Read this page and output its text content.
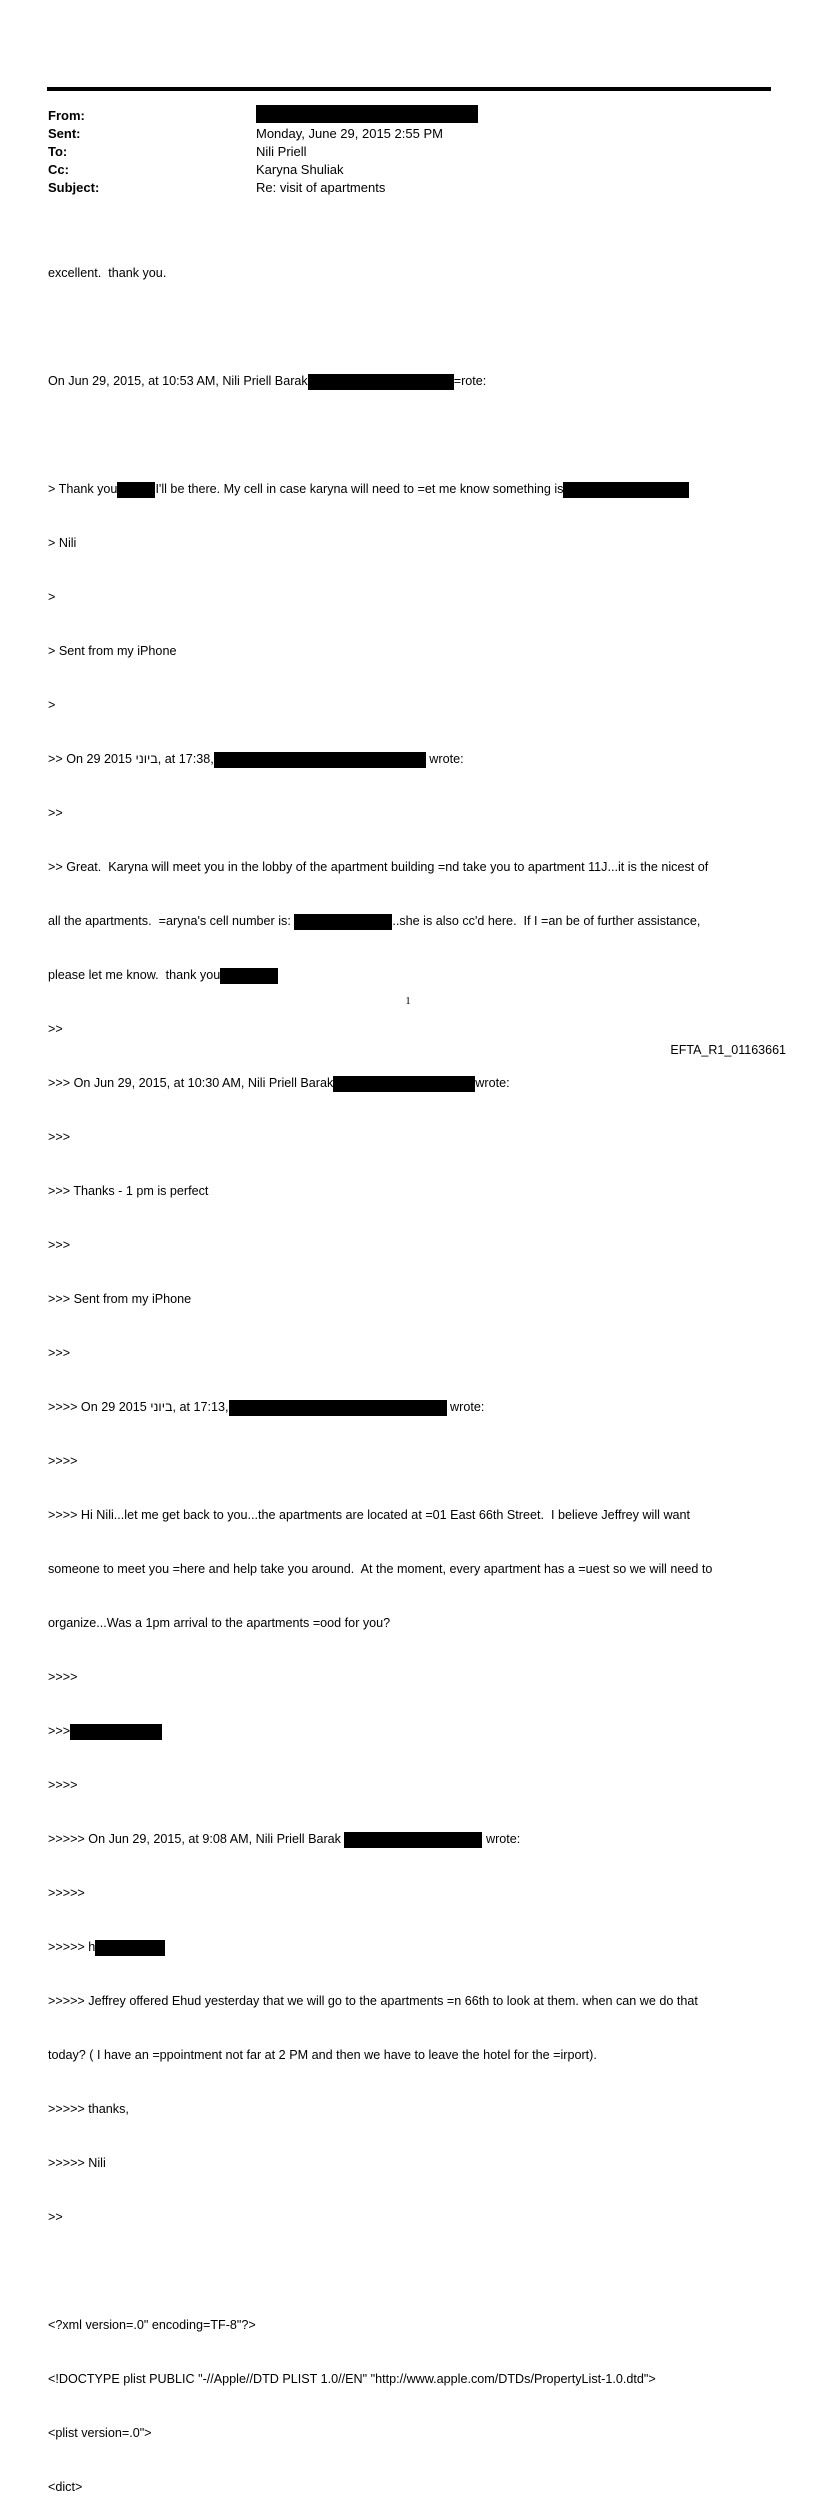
From:
Sent:	Monday, June 29, 2015 2:55 PM
To:	Nili Priell
Cc:	Karyna Shuliak
Subject:	Re: visit of apartments

excellent.  thank you.

On Jun 29, 2015, at 10:53 AM, Nili Priell Barak	=rote:

> Thank you	I'll be there. My cell in case karyna will need to =et me know something is

> Nili

>

> Sent from my iPhone

>

>> On 29 ביוני 2015, at 17:38,	wrote:

>>

>> Great.  Karyna will meet you in the lobby of the apartment building =nd take you to apartment 11J...it is the nicest of

all the apartments.  =aryna's cell number is:	..she is also cc'd here.  If I =an be of further assistance,

please let me know.  thank you

>>

>>> On Jun 29, 2015, at 10:30 AM, Nili Priell Barak	wrote:

>>>

>>> Thanks - 1 pm is perfect

>>>

>>> Sent from my iPhone

>>>

>>>> On 29 ביוני 2015, at 17:13,	wrote:

>>>>

>>>> Hi Nili...let me get back to you...the apartments are located at =01 East 66th Street.  I believe Jeffrey will want

someone to meet you =here and help take you around.  At the moment, every apartment has a =uest so we will need to

organize...Was a 1pm arrival to the apartments =ood for you?

>>>>

>>>

>>>>

>>>>> On Jun 29, 2015, at 9:08 AM, Nili Priell Barak	wrote:

>>>>>

>>>>> h

>>>>> Jeffrey offered Ehud yesterday that we will go to the apartments =n 66th to look at them. when can we do that

today? ( I have an =ppointment not far at 2 PM and then we have to leave the hotel for the =irport).

>>>>> thanks,

>>>>> Nili

>>

<?xml version=.0" encoding=TF-8"?>

<!DOCTYPE plist PUBLIC "-//Apple//DTD PLIST 1.0//EN" "http://www.apple.com/DTDs/PropertyList-1.0.dtd">

<plist version=.0">

<dict>

1
EFTA_R1_01163661
